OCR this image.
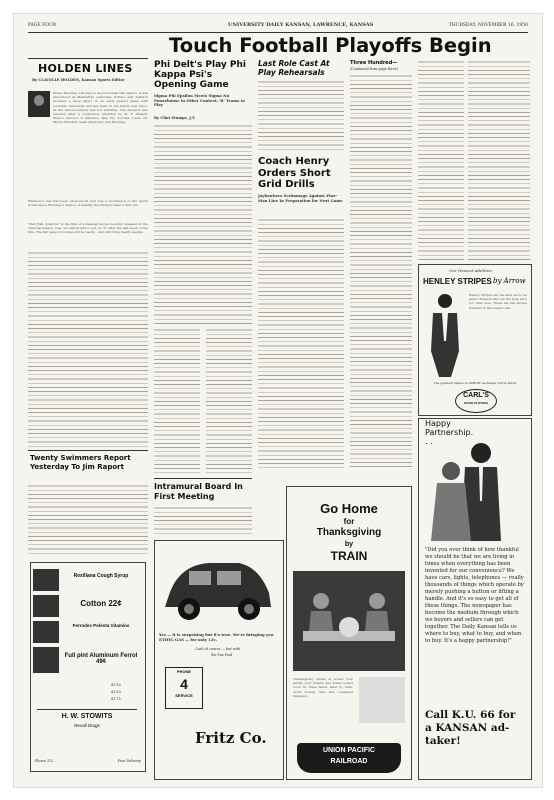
PAGE FOUR	UNIVERSITY DAILY KANSAN, LAWRENCE, KANSAS	THURSDAY, NOVEMBER 16, 1950
Touch Football Playoffs Begin
HOLDEN LINES
By CLAVELLE HOLDEN, Kansan Sports Editor
Elmer Hackney will play no more football this season, it was announced at Manhattan yesterday. K-State star fullback received a knee injury in an early season game with Colorado University and has been on the bench ever since, as the announcement was not startling. The decision was reached after a conference attended by M. F. Ahearn, State's director of athletics, Wes Fry, football coach, Dr. Myron Rholand, team physician, and Hackney.
Hackney's loss has been pronounced and was a recurrence of the injury would leave Hackney's chance of making the Olympic team a dim one.
"Play Ball, America" is the title of a baseball movie recently released by the National league. Gee, we almost had to get on 'U' after the last week of the film. The fall gang of rookies will be vastly... and will bring hearty laughs.
Twenty Swimmers Report Yesterday To Jim Raport
Rexillana Cough Syrup
Cotton 22¢
Ferrodex Polenta Vitamins
Full pint Aluminum Ferrol 49¢
$1.50
$1.59
$1.75
H. W. STOWITS
Rexall Drugs
Phone 312	Free Delivery
Phi Delt's Play Phi Kappa Psi's Opening Game
Sigma Phi Epsilon Meets Sigma Nu Powerhouse in Other Contest; 'B' Teams to Play
By Clint Stumps, J.T.
Intramural Board In First Meeting
Last Role Cast At Play Rehearsals
Coach Henry Orders Short Grid Drills
Jayhawkers Scrimmage Against Fine-Man Line In Preparation for Next Game
Three Hundred—
(Continued from page three)
Our Newest Addition
HENLEY STRIPES by Arrow
Henley Stripes are the kind more for smart dressers who set the style pace for other men. These are the stripes featured in this week's Life.
The greatest names in ARROW neckwear Arrow shirts
CARL'S
GOOD CLOTHES
Happy Partnership. . .
"Did you ever think of how thankful we should be that we are living in times when everything has been invented for our convenience? We have cars, lights, telephones — really thousands of things which operate by merely pushing a button or lifting a handle. And it's so easy to get all of these things. The newspaper has become the medium through which we buyers and sellers can get together. The Daily Kansan tells us where to buy, what to buy, and when to buy. It's a happy partnership!"
Call K.U. 66 for a KANSAN ad-taker!
Go Home
for
Thanksgiving
by
TRAIN
Thanksgiving dinner at home! Your family, your friends and home-cooked food! Go there faster, safer by train. Avoid driving risks and congested highways.
UNION PACIFIC
RAILROAD
Yes — it is surprising but it's true. We're bringing you ETHYL GAS — for only 13c.
Cash of course — but with
the Tax Paid
PHONE
4
SERVICE
Fritz Co.
